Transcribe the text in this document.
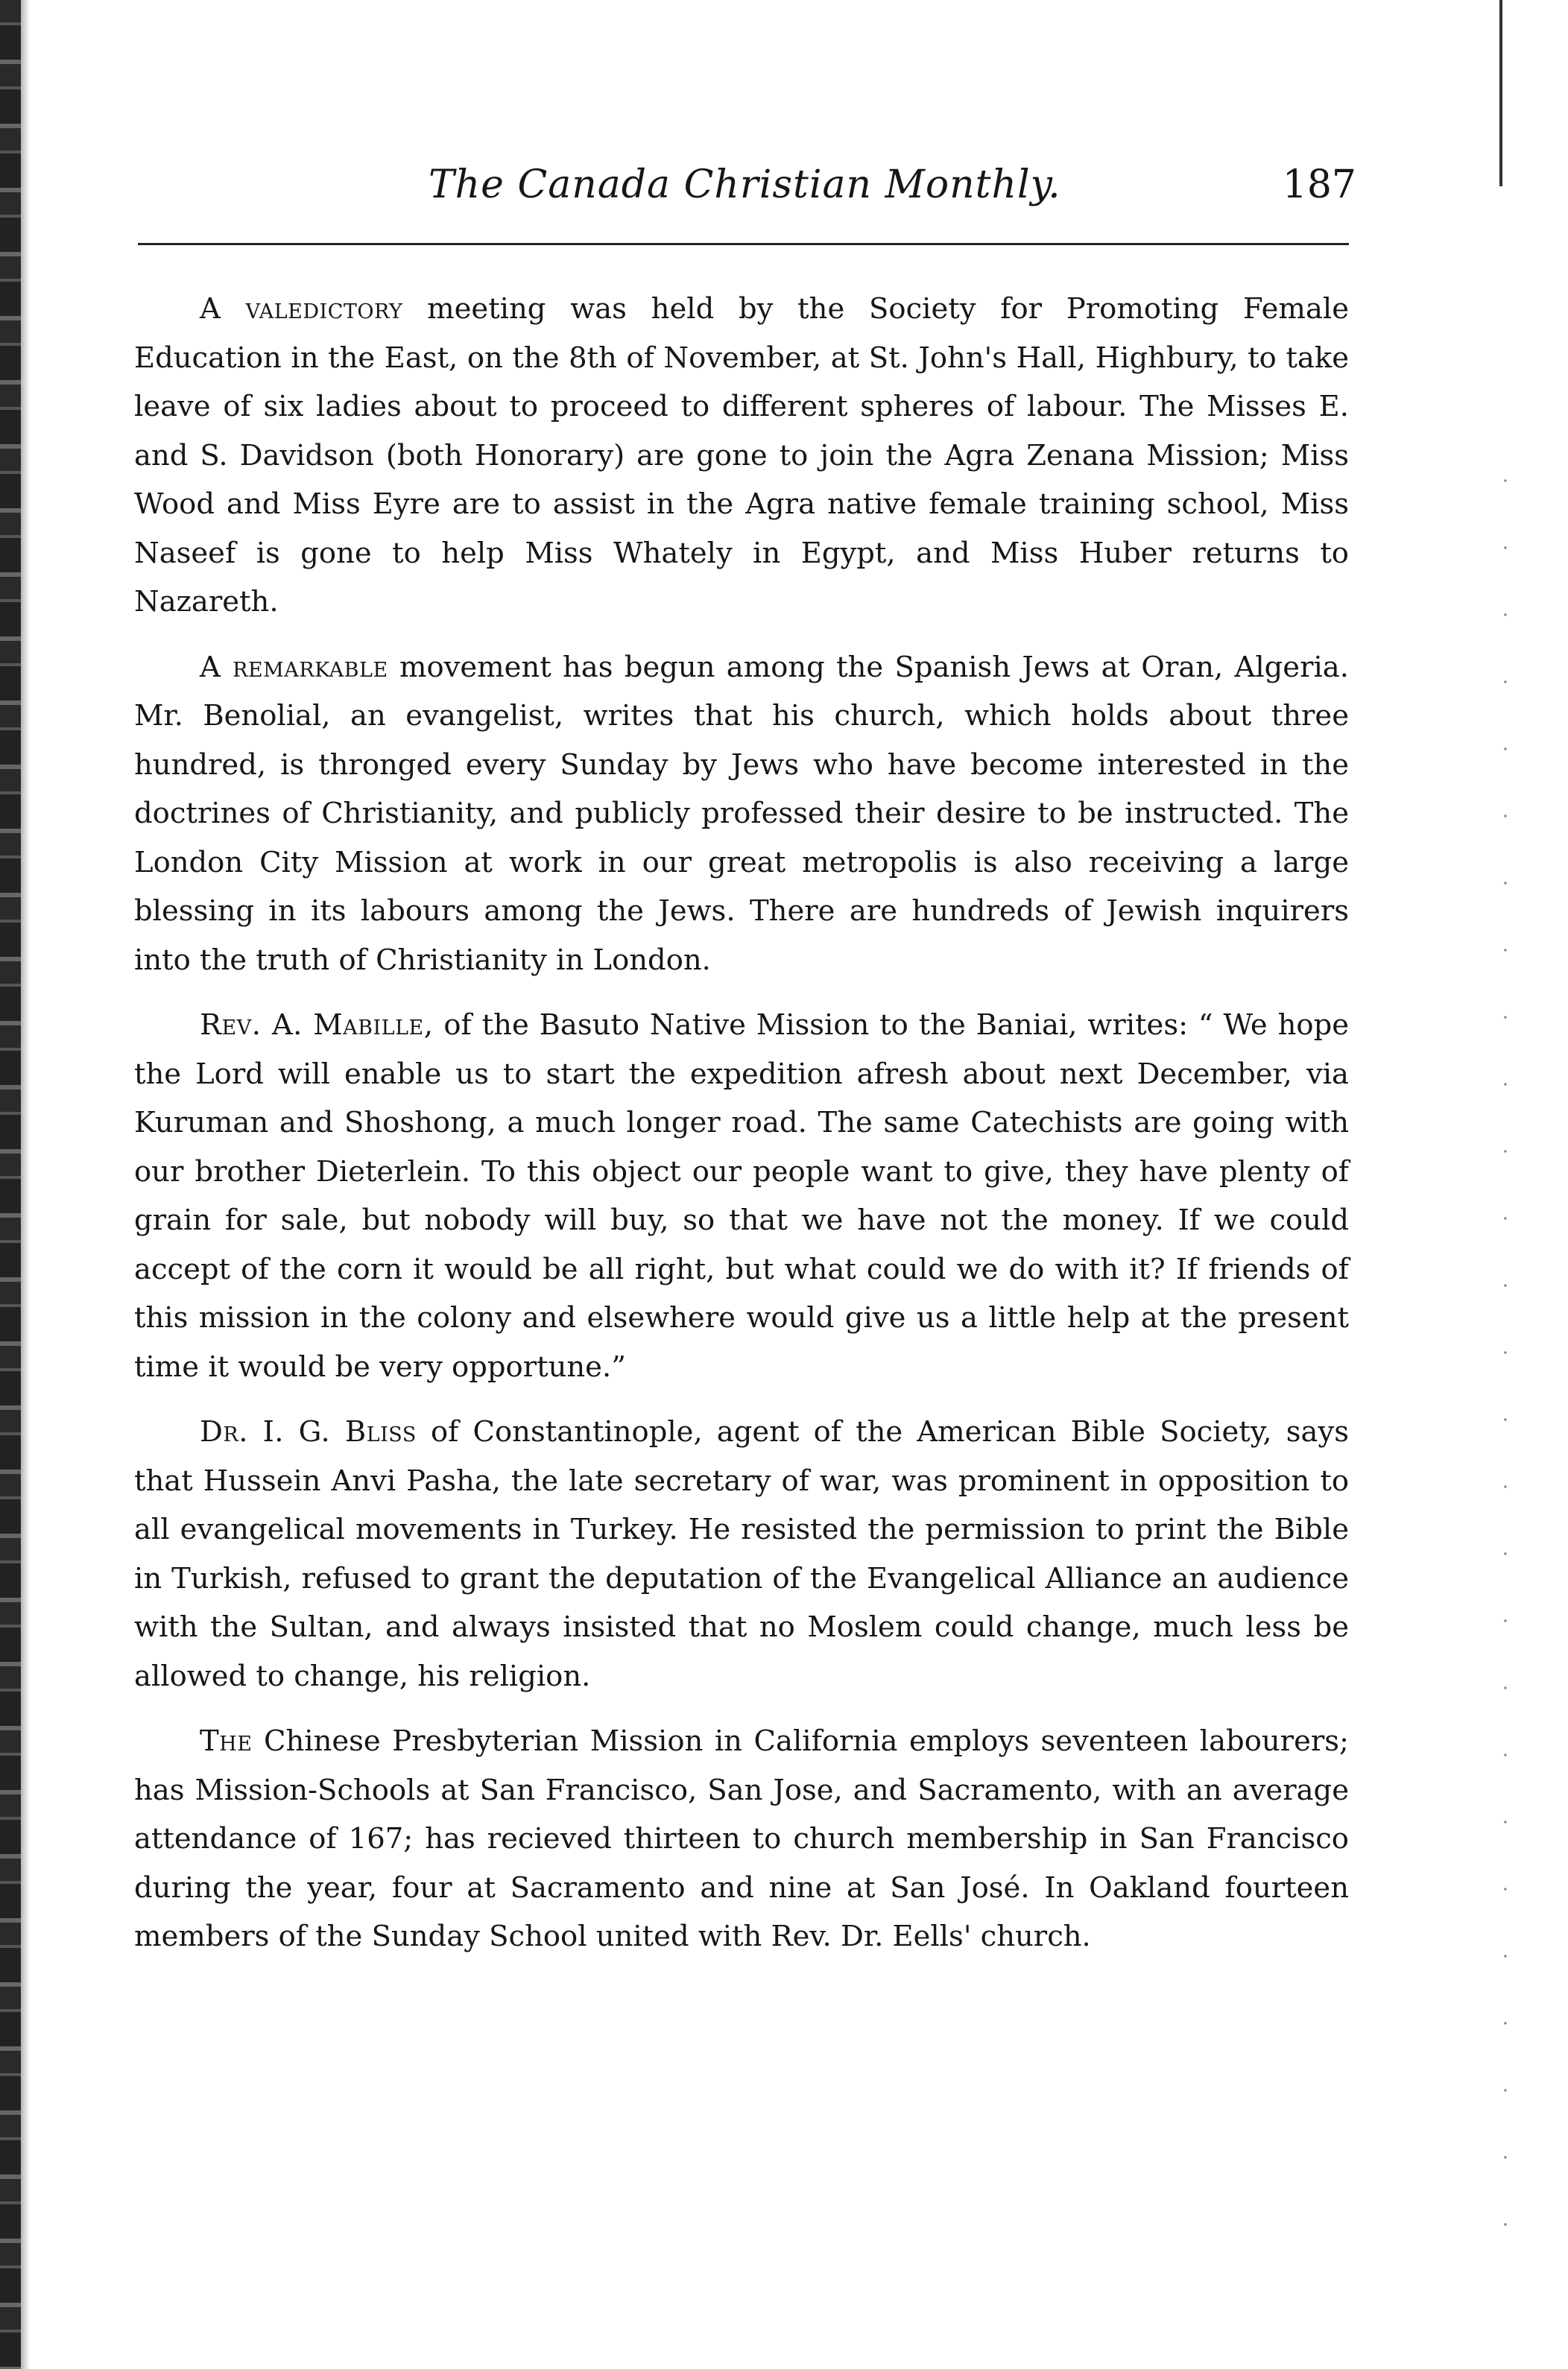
The Canada Christian Monthly.	187

A valedictory meeting was held by the Society for Promoting Female Education in the East, on the 8th of November, at St. John's Hall, Highbury, to take leave of six ladies about to proceed to different spheres of labour. The Misses E. and S. Davidson (both Honorary) are gone to join the Agra Zenana Mission; Miss Wood and Miss Eyre are to assist in the Agra native female training school, Miss Naseef is gone to help Miss Whately in Egypt, and Miss Huber returns to Nazareth.

A remarkable movement has begun among the Spanish Jews at Oran, Algeria. Mr. Benolial, an evangelist, writes that his church, which holds about three hundred, is thronged every Sunday by Jews who have become interested in the doctrines of Christianity, and publicly professed their desire to be instructed. The London City Mission at work in our great metropolis is also receiving a large blessing in its labours among the Jews. There are hundreds of Jewish inquirers into the truth of Christianity in London.

Rev. A. Mabille, of the Basuto Native Mission to the Baniai, writes: “ We hope the Lord will enable us to start the expedition afresh about next December, via Kuruman and Shoshong, a much longer road. The same Catechists are going with our brother Dieterlein. To this object our people want to give, they have plenty of grain for sale, but nobody will buy, so that we have not the money. If we could accept of the corn it would be all right, but what could we do with it? If friends of this mission in the colony and elsewhere would give us a little help at the present time it would be very opportune.”

Dr. I. G. Bliss of Constantinople, agent of the American Bible Society, says that Hussein Anvi Pasha, the late secretary of war, was prominent in opposition to all evangelical movements in Turkey. He resisted the permission to print the Bible in Turkish, refused to grant the deputation of the Evangelical Alliance an audience with the Sultan, and always insisted that no Moslem could change, much less be allowed to change, his religion.

The Chinese Presbyterian Mission in California employs seventeen labourers; has Mission-Schools at San Francisco, San Jose, and Sacramento, with an average attendance of 167; has recieved thirteen to church membership in San Francisco during the year, four at Sacramento and nine at San José. In Oakland fourteen members of the Sunday School united with Rev. Dr. Eells' church.
